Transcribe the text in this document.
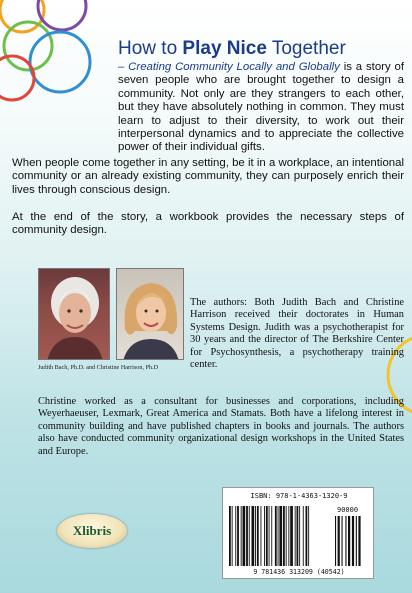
How to Play Nice Together
– Creating Community Locally and Globally is a story of seven people who are brought together to design a community. Not only are they strangers to each other, but they have absolutely nothing in common. They must learn to adjust to their diversity, to work out their interpersonal dynamics and to appreciate the collective power of their individual gifts.

When people come together in any setting, be it in a workplace, an intentional community or an already existing community, they can purposely enrich their lives through conscious design.

At the end of the story, a workbook provides the necessary steps of community design.

Judith Bach, Ph.D. and Christine Harrison, Ph.D

The authors: Both Judith Bach and Christine Harrison received their doctorates in Human Systems Design. Judith was a psychotherapist for 30 years and the director of The Berkshire Center for Psychosynthesis, a psychotherapy training center.

Christine worked as a consultant for businesses and corporations, including Weyerhaeuser, Lexmark, Great America and Stamats. Both have a lifelong interest in community building and have published chapters in books and journals. The authors also have conducted community organizational design workshops in the United States and Europe.

Xlibris
ISBN: 978-1-4363-1320-9
90000
9 781436 313209 (40542)
